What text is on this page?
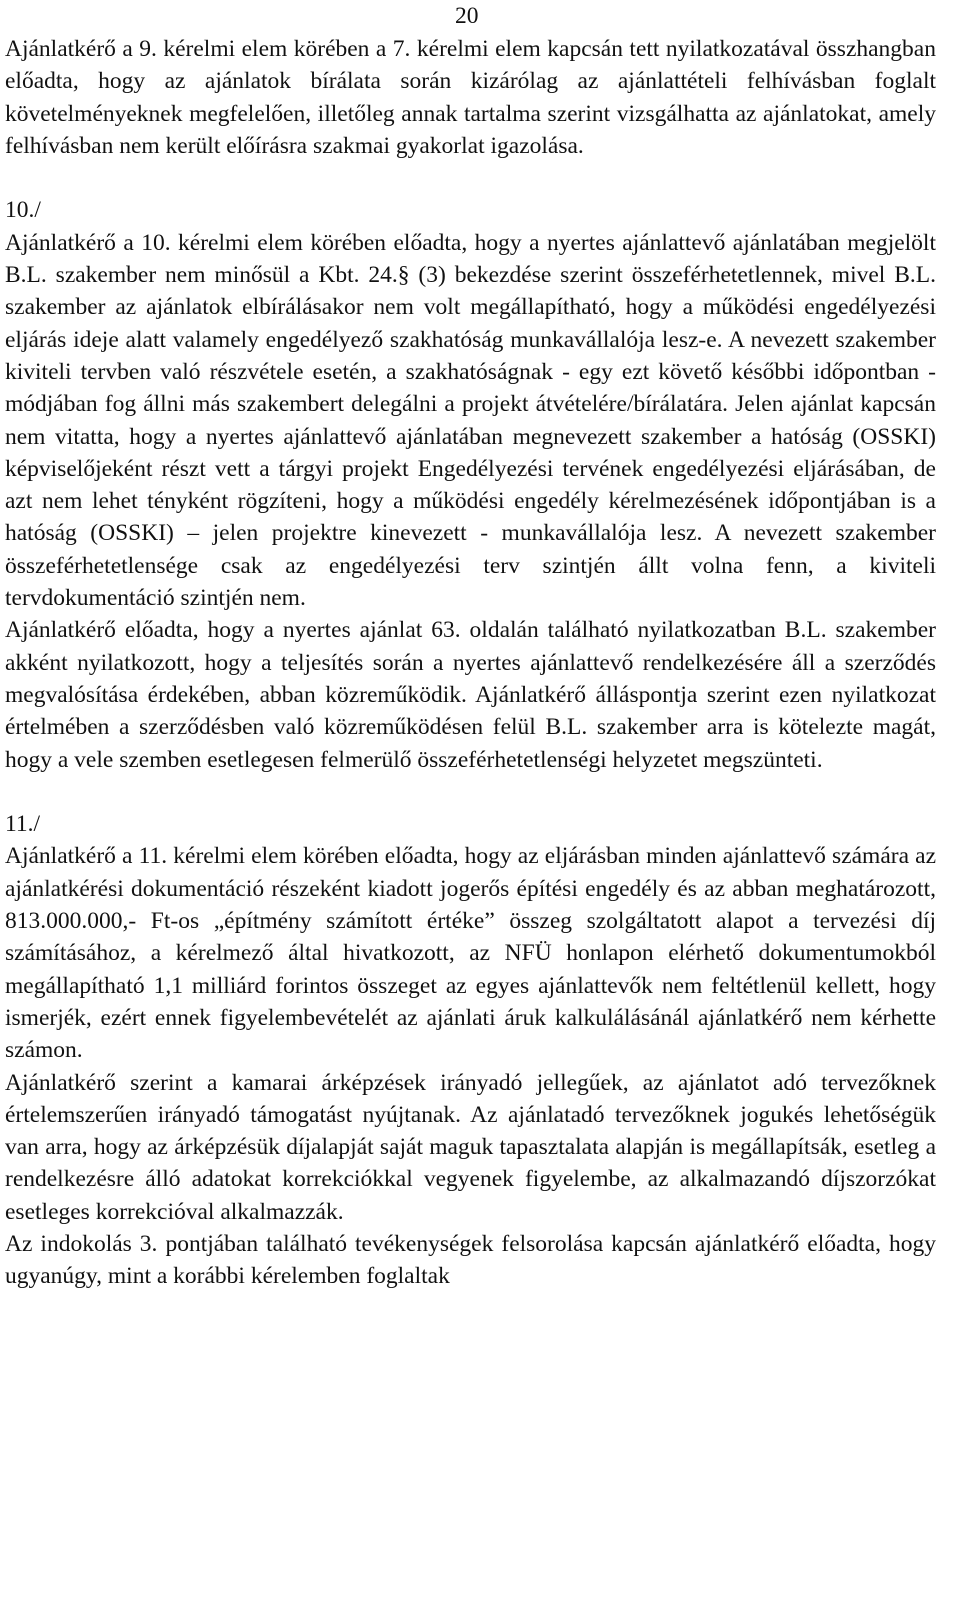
20

Ajánlatkérő a 9. kérelmi elem körében a 7. kérelmi elem kapcsán tett nyilatkozatával összhangban előadta, hogy az ajánlatok bírálata során kizárólag az ajánlattételi felhívásban foglalt követelményeknek megfelelően, illetőleg annak tartalma szerint vizsgálhatta az ajánlatokat, amely felhívásban nem került előírásra szakmai gyakorlat igazolása.

10./

Ajánlatkérő a 10. kérelmi elem körében előadta, hogy a nyertes ajánlattevő ajánlatában megjelölt B.L. szakember nem minősül a Kbt. 24.§ (3) bekezdése szerint összeférhetetlennek, mivel B.L. szakember az ajánlatok elbírálásakor nem volt megállapítható, hogy a működési engedélyezési eljárás ideje alatt valamely engedélyező szakhatóság munkavállalója lesz-e. A nevezett szakember kiviteli tervben való részvétele esetén, a szakhatóságnak - egy ezt követő későbbi időpontban - módjában fog állni más szakembert delegálni a projekt átvételére/bírálatára. Jelen ajánlat kapcsán nem vitatta, hogy a nyertes ajánlattevő ajánlatában megnevezett szakember a hatóság (OSSKI) képviselőjeként részt vett a tárgyi projekt Engedélyezési tervének engedélyezési eljárásában, de azt nem lehet tényként rögzíteni, hogy a működési engedély kérelmezésének időpontjában is a hatóság (OSSKI) – jelen projektre kinevezett - munkavállalója lesz. A nevezett szakember összeférhetetlensége csak az engedélyezési terv szintjén állt volna fenn, a kiviteli tervdokumentáció szintjén nem.

Ajánlatkérő előadta, hogy a nyertes ajánlat 63. oldalán található nyilatkozatban B.L. szakember akként nyilatkozott, hogy a teljesítés során a nyertes ajánlattevő rendelkezésére áll a szerződés megvalósítása érdekében, abban közreműködik. Ajánlatkérő álláspontja szerint ezen nyilatkozat értelmében a szerződésben való közreműködésen felül B.L. szakember arra is kötelezte magát, hogy a vele szemben esetlegesen felmerülő összeférhetetlenségi helyzetet megszünteti.

11./

Ajánlatkérő a 11. kérelmi elem körében előadta, hogy az eljárásban minden ajánlattevő számára az ajánlatkérési dokumentáció részeként kiadott jogerős építési engedély és az abban meghatározott, 813.000.000,- Ft-os „építmény számított értéke” összeg szolgáltatott alapot a tervezési díj számításához, a kérelmező által hivatkozott, az NFÜ honlapon elérhető dokumentumokból megállapítható 1,1 milliárd forintos összeget az egyes ajánlattevők nem feltétlenül kellett, hogy ismerjék, ezért ennek figyelembevételét az ajánlati áruk kalkulálásánál ajánlatkérő nem kérhette számon.

Ajánlatkérő szerint a kamarai árképzések irányadó jellegűek, az ajánlatot adó tervezőknek értelemszerűen irányadó támogatást nyújtanak. Az ajánlatadó tervezőknek jogukés lehetőségük van arra, hogy az árképzésük díjalapját saját maguk tapasztalata alapján is megállapítsák, esetleg a rendelkezésre álló adatokat korrekciókkal vegyenek figyelembe, az alkalmazandó díjszorzókat esetleges korrekcióval alkalmazzák.

Az indokolás 3. pontjában található tevékenységek felsorolása kapcsán ajánlatkérő előadta, hogy ugyanúgy, mint a korábbi kérelemben foglaltak
